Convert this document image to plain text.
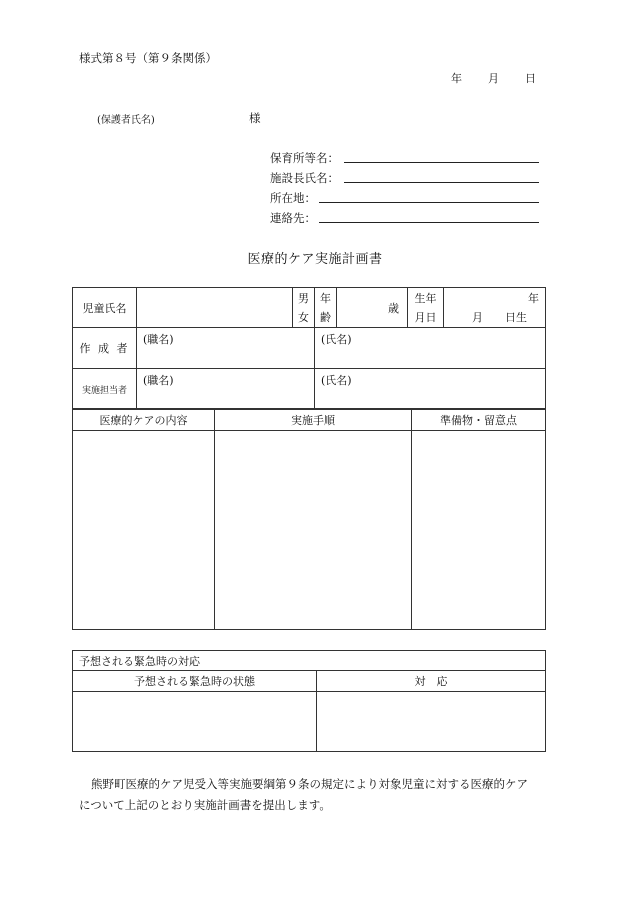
様式第８号（第９条関係）
年 月 日
(保護者氏名)	様
保育所等名：
施設長氏名：
所在地：
連絡先：
医療的ケア実施計画書
児童氏名		男	年	歳	生年	年
		女	齢		月日	月 日生
作 成 者	(職名)		(氏名)			
実施担当者	(職名)		(氏名)			
医療的ケアの内容	実施手順	準備物・留意点

予想される緊急時の対応	
予想される緊急時の状態	対　応

熊野町医療的ケア児受入等実施要綱第９条の規定により対象児童に対する医療的ケア
について上記のとおり実施計画書を提出します。
